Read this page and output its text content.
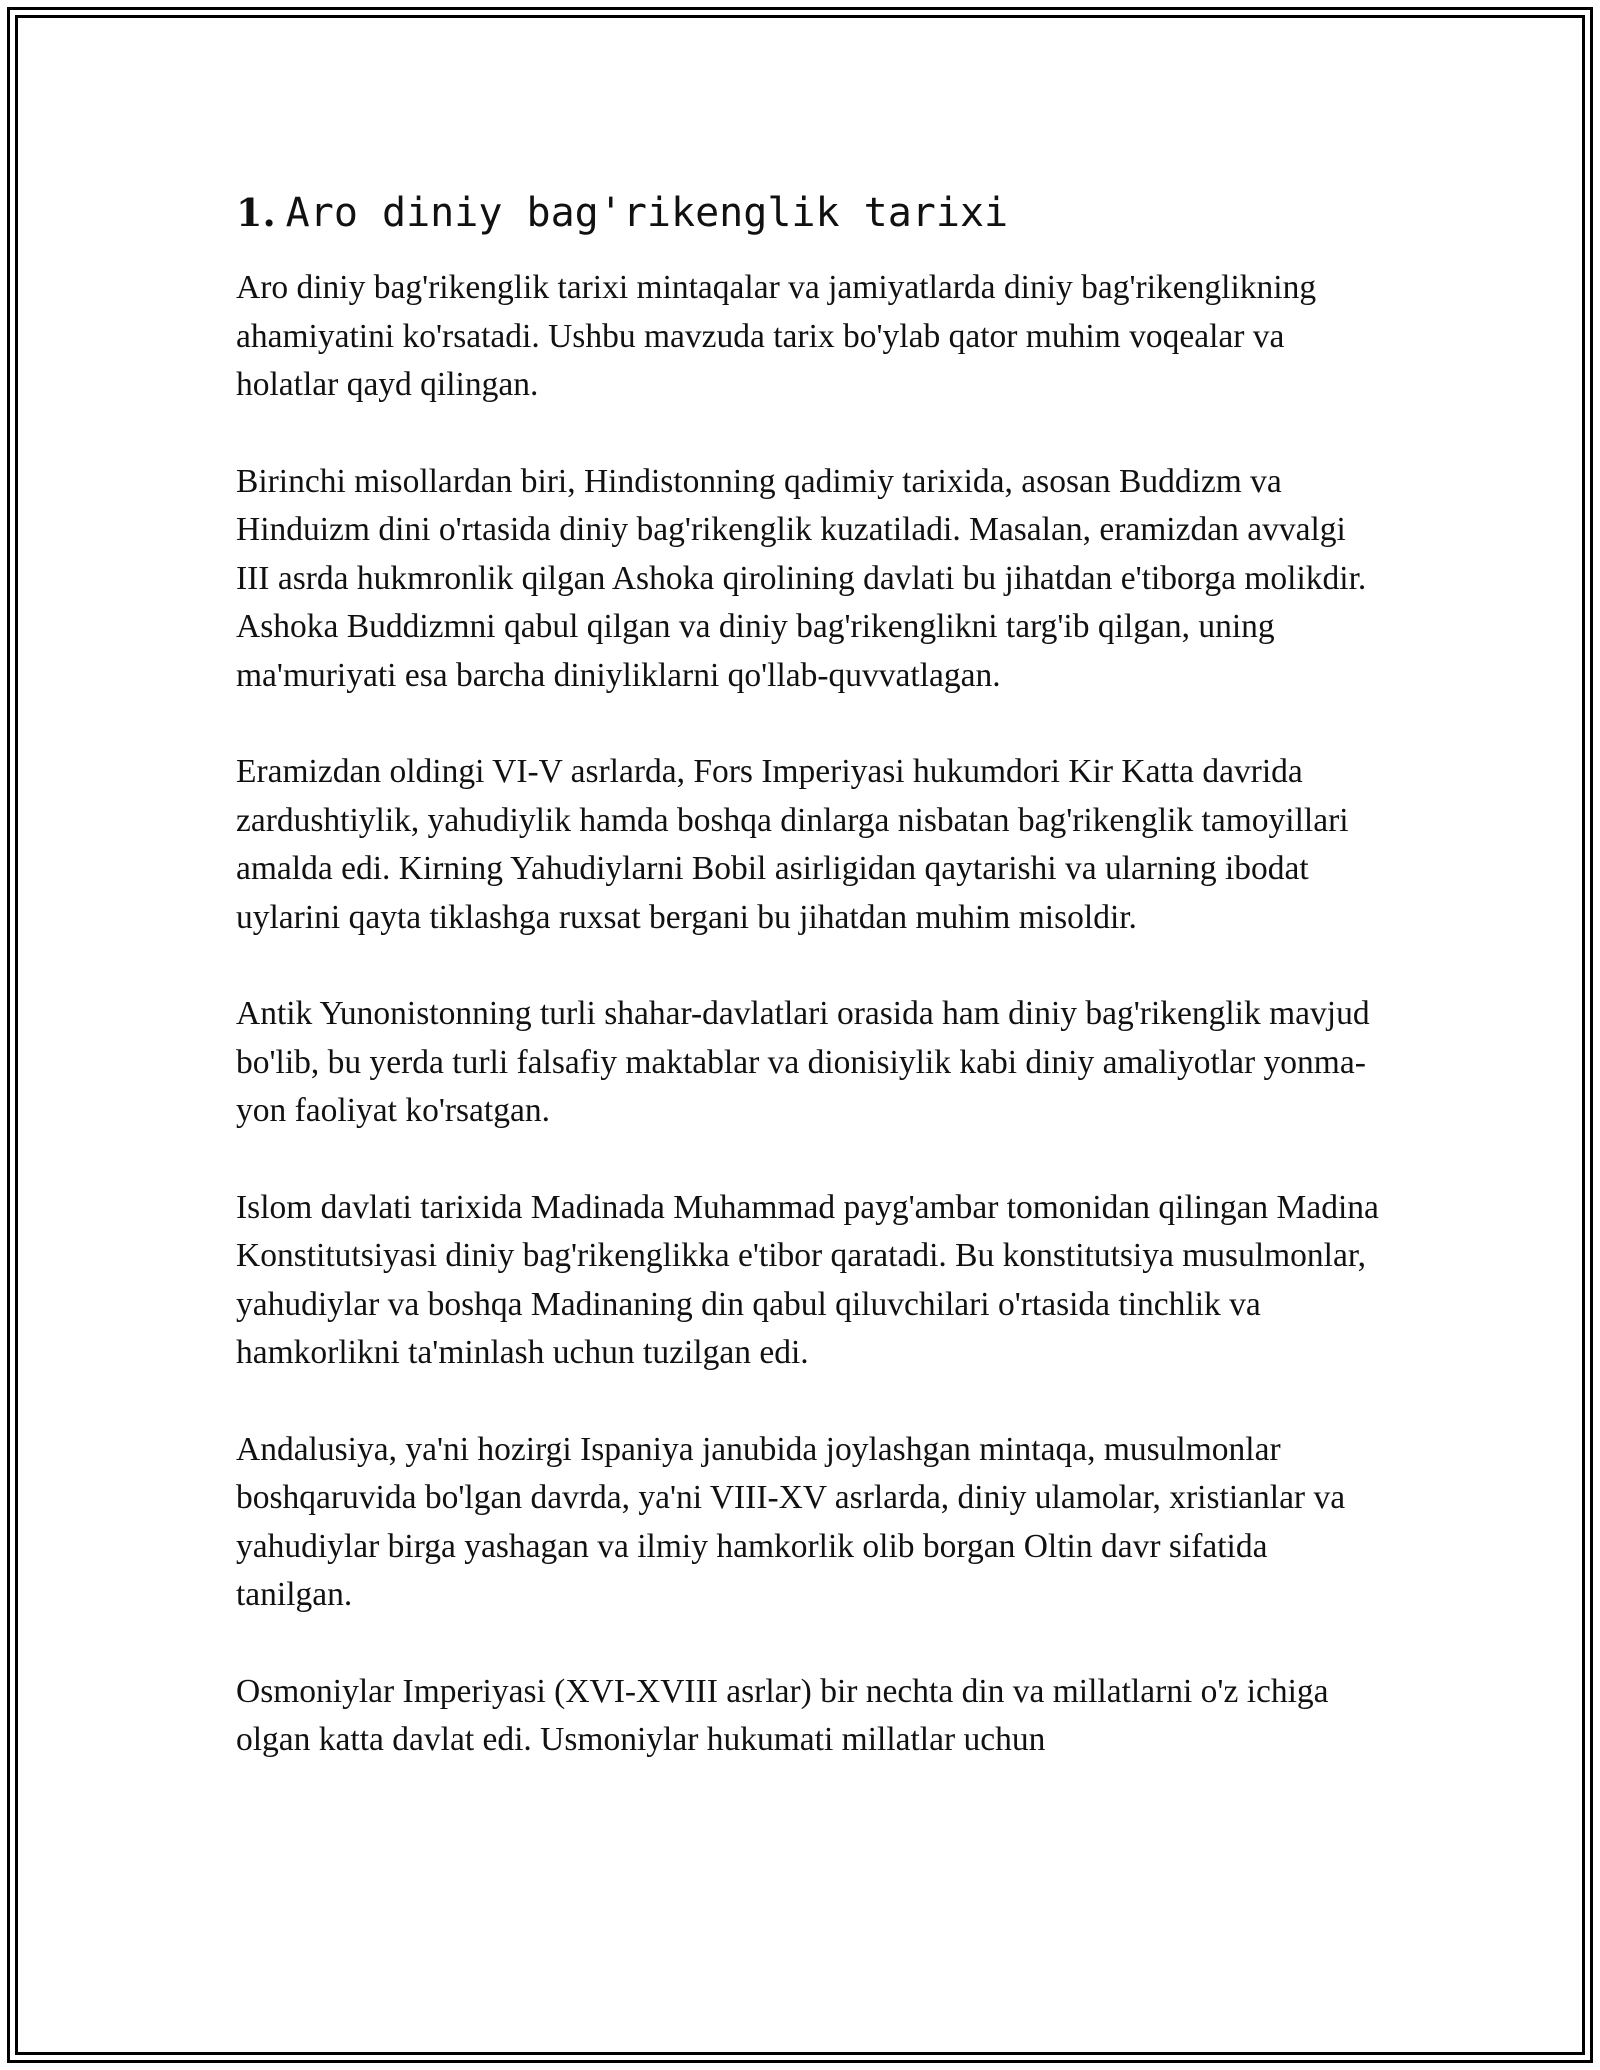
1. Aro diniy bag'rikenglik tarixi

Aro diniy bag'rikenglik tarixi mintaqalar va jamiyatlarda diniy bag'rikenglikning ahamiyatini ko'rsatadi. Ushbu mavzuda tarix bo'ylab qator muhim voqealar va holatlar qayd qilingan.

Birinchi misollardan biri, Hindistonning qadimiy tarixida, asosan Buddizm va Hinduizm dini o'rtasida diniy bag'rikenglik kuzatiladi. Masalan, eramizdan avvalgi III asrda hukmronlik qilgan Ashoka qirolining davlati bu jihatdan e'tiborga molikdir. Ashoka Buddizmni qabul qilgan va diniy bag'rikenglikni targ'ib qilgan, uning ma'muriyati esa barcha diniyliklarni qo'llab-quvvatlagan.

Eramizdan oldingi VI-V asrlarda, Fors Imperiyasi hukumdori Kir Katta davrida zardushtiylik, yahudiylik hamda boshqa dinlarga nisbatan bag'rikenglik tamoyillari amalda edi. Kirning Yahudiylarni Bobil asirligidan qaytarishi va ularning ibodat uylarini qayta tiklashga ruxsat bergani bu jihatdan muhim misoldir.

Antik Yunonistonning turli shahar-davlatlari orasida ham diniy bag'rikenglik mavjud bo'lib, bu yerda turli falsafiy maktablar va dionisiylik kabi diniy amaliyotlar yonma-yon faoliyat ko'rsatgan.

Islom davlati tarixida Madinada Muhammad payg'ambar tomonidan qilingan Madina Konstitutsiyasi diniy bag'rikenglikka e'tibor qaratadi. Bu konstitutsiya musulmonlar, yahudiylar va boshqa Madinaning din qabul qiluvchilari o'rtasida tinchlik va hamkorlikni ta'minlash uchun tuzilgan edi.

Andalusiya, ya'ni hozirgi Ispaniya janubida joylashgan mintaqa, musulmonlar boshqaruvida bo'lgan davrda, ya'ni VIII-XV asrlarda, diniy ulamolar, xristianlar va yahudiylar birga yashagan va ilmiy hamkorlik olib borgan Oltin davr sifatida tanilgan.

Osmoniylar Imperiyasi (XVI-XVIII asrlar) bir nechta din va millatlarni o'z ichiga olgan katta davlat edi. Usmoniylar hukumati millatlar uchun
